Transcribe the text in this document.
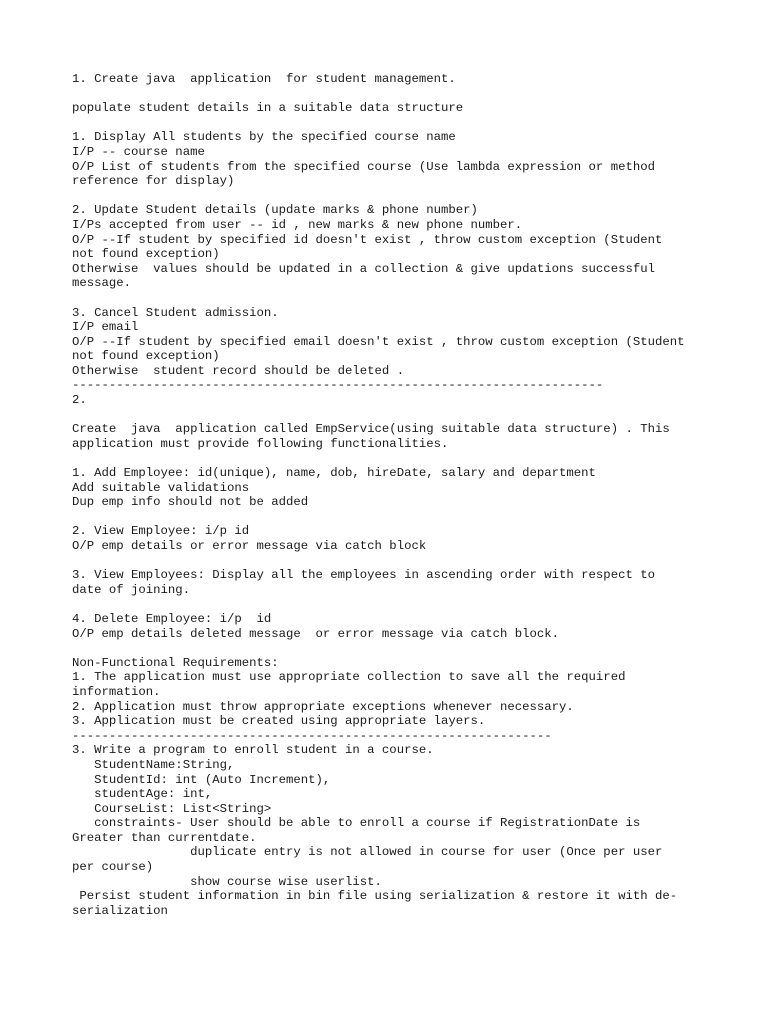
1. Create java  application  for student management.
populate student details in a suitable data structure
1. Display All students by the specified course name
I/P -- course name
O/P List of students from the specified course (Use lambda expression or method
reference for display)
2. Update Student details (update marks & phone number)
I/Ps accepted from user -- id , new marks & new phone number.
O/P --If student by specified id doesn't exist , throw custom exception (Student
not found exception)
Otherwise  values should be updated in a collection & give updations successful
message.
3. Cancel Student admission.
I/P email
O/P --If student by specified email doesn't exist , throw custom exception (Student
not found exception)
Otherwise  student record should be deleted .
------------------------------------------------------------------------
2.
Create  java  application called EmpService(using suitable data structure) . This
application must provide following functionalities.
1. Add Employee: id(unique), name, dob, hireDate, salary and department
Add suitable validations
Dup emp info should not be added
2. View Employee: i/p id
O/P emp details or error message via catch block
3. View Employees: Display all the employees in ascending order with respect to
date of joining.
4. Delete Employee: i/p  id
O/P emp details deleted message  or error message via catch block.
Non-Functional Requirements:
1. The application must use appropriate collection to save all the required
information.
2. Application must throw appropriate exceptions whenever necessary.
3. Application must be created using appropriate layers.
-----------------------------------------------------------------
3. Write a program to enroll student in a course.
StudentName:String,
StudentId: int (Auto Increment),
studentAge: int,
CourseList: List<String>
constraints- User should be able to enroll a course if RegistrationDate is
Greater than currentdate.
duplicate entry is not allowed in course for user (Once per user
per course)
show course wise userlist.
Persist student information in bin file using serialization & restore it with de-
serialization
